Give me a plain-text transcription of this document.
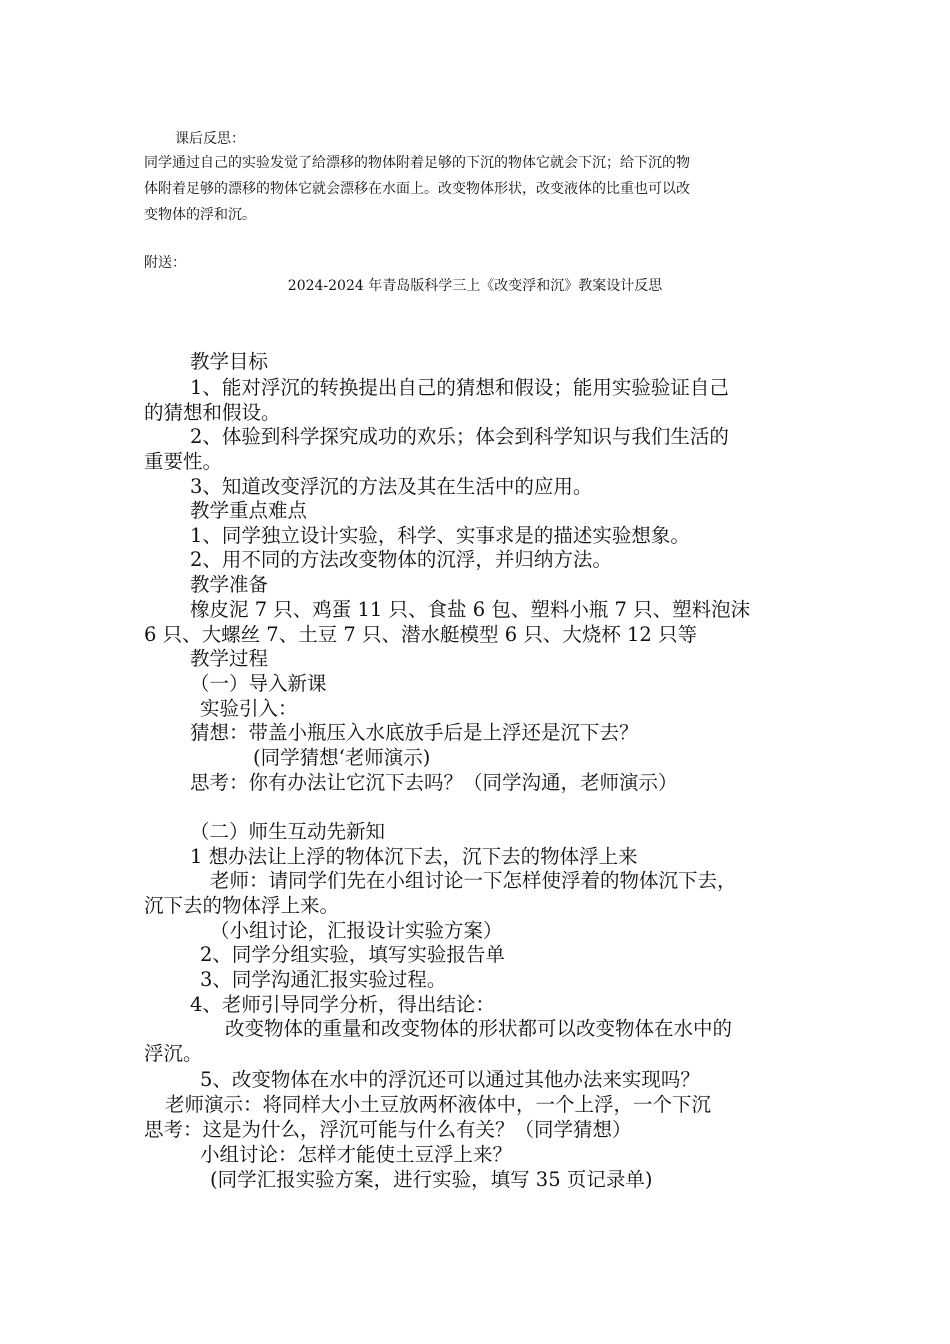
课后反思：
同学通过自己的实验发觉了给漂移的物体附着足够的下沉的物体它就会下沉；给下沉的物
体附着足够的漂移的物体它就会漂移在水面上。改变物体形状，改变液体的比重也可以改
变物体的浮和沉。
附送：
2024-2024 年青岛版科学三上《改变浮和沉》教案设计反思
教学目标
1、能对浮沉的转换提出自己的猜想和假设；能用实验验证自己
的猜想和假设。
2、体验到科学探究成功的欢乐；体会到科学知识与我们生活的
重要性。
3、知道改变浮沉的方法及其在生活中的应用。
教学重点难点
1、同学独立设计实验，科学、实事求是的描述实验想象。
2、用不同的方法改变物体的沉浮，并归纳方法。
教学准备
橡皮泥 7 只、鸡蛋 11 只、食盐 6 包、塑料小瓶 7 只、塑料泡沫
6 只、大螺丝 7、土豆 7 只、潜水艇模型 6 只、大烧杯 12 只等
教学过程
（一）导入新课
实验引入：
猜想：带盖小瓶压入水底放手后是上浮还是沉下去？
(同学猜想‘老师演示)
思考：你有办法让它沉下去吗？（同学沟通，老师演示）
（二）师生互动先新知
1 想办法让上浮的物体沉下去，沉下去的物体浮上来
老师：请同学们先在小组讨论一下怎样使浮着的物体沉下去，
沉下去的物体浮上来。
（小组讨论，汇报设计实验方案）
2、同学分组实验，填写实验报告单
3、同学沟通汇报实验过程。
4、老师引导同学分析，得出结论：
改变物体的重量和改变物体的形状都可以改变物体在水中的
浮沉。
5、改变物体在水中的浮沉还可以通过其他办法来实现吗？
老师演示：将同样大小土豆放两杯液体中，一个上浮，一个下沉
思考：这是为什么，浮沉可能与什么有关？（同学猜想）
小组讨论：怎样才能使土豆浮上来？
(同学汇报实验方案，进行实验，填写 35 页记录单)
